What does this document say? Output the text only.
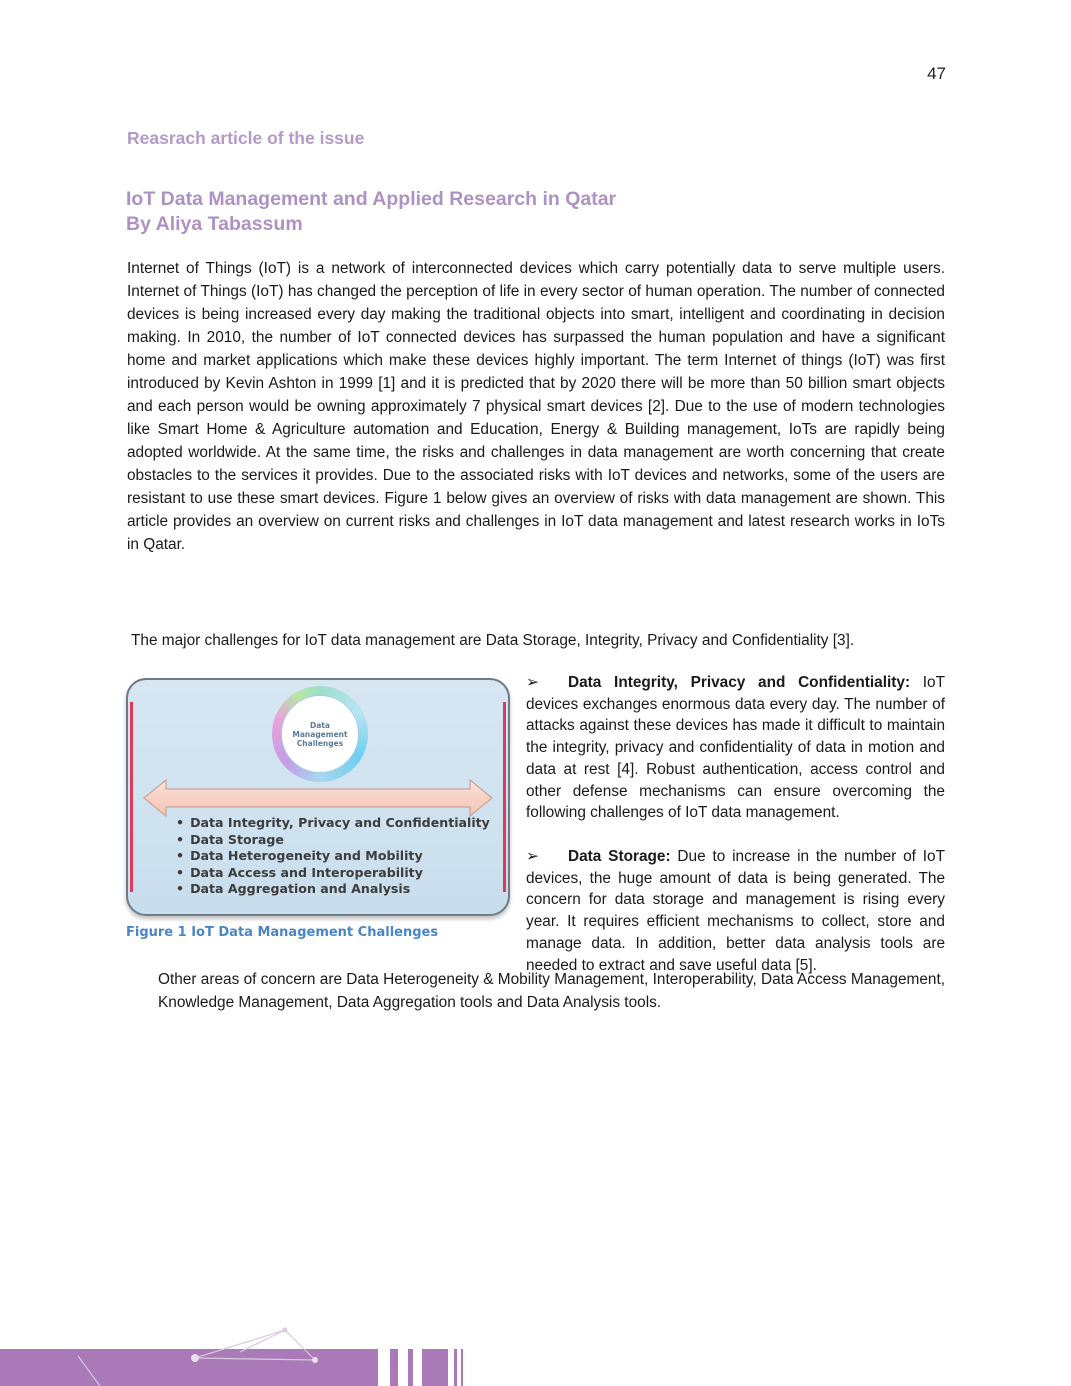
47
Reasrach article of the issue
IoT Data Management and Applied Research in Qatar
By Aliya Tabassum

Internet of Things (IoT) is a network of interconnected devices which carry potentially data to serve multiple users. Internet of Things (IoT) has changed the perception of life in every sector of human operation. The number of connected devices is being increased every day making the traditional objects into smart, intelligent and coordinating in decision making. In 2010, the number of IoT connected devices has surpassed the human population and have a significant home and market applications which make these devices highly important. The term Internet of things (IoT) was first introduced by Kevin Ashton in 1999 [1] and it is predicted that by 2020 there will be more than 50 billion smart objects and each person would be owning approximately 7 physical smart devices [2]. Due to the use of modern technologies like Smart Home & Agriculture automation and Education, Energy & Building management, IoTs are rapidly being adopted worldwide. At the same time, the risks and challenges in data management are worth concerning that create obstacles to the services it provides. Due to the associated risks with IoT devices and networks, some of the users are resistant to use these smart devices. Figure 1 below gives an overview of risks with data management are shown. This article provides an overview on current risks and challenges in IoT data management and latest research works in IoTs in Qatar.

The major challenges for IoT data management are Data Storage, Integrity, Privacy and Confidentiality [3].

Data Management Challenges
• Data Integrity, Privacy and Confidentiality
• Data Storage
• Data Heterogeneity and Mobility
• Data Access and Interoperability
• Data Aggregation and Analysis
Figure 1 IoT Data Management Challenges

➢ Data Integrity, Privacy and Confidentiality: IoT devices exchanges enormous data every day. The number of attacks against these devices has made it difficult to maintain the integrity, privacy and confidentiality of data in motion and data at rest [4]. Robust authentication, access control and other defense mechanisms can ensure overcoming the following challenges of IoT data management.

➢ Data Storage: Due to increase in the number of IoT devices, the huge amount of data is being generated. The concern for data storage and management is rising every year. It requires efficient mechanisms to collect, store and manage data. In addition, better data analysis tools are needed to extract and save useful data [5].

Other areas of concern are Data Heterogeneity & Mobility Management, Interoperability, Data Access Management, Knowledge Management, Data Aggregation tools and Data Analysis tools.
